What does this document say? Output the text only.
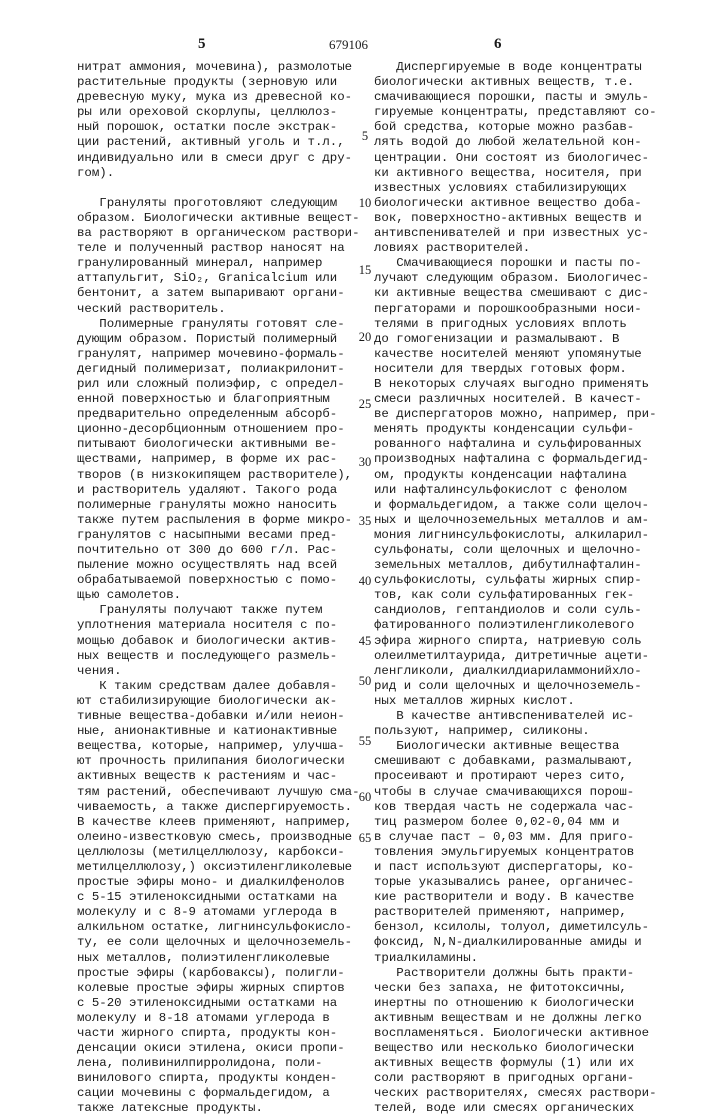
5	679106	6
нитрат аммония, мочевина), размолотые
растительные продукты (зерновую или
древесную муку, мука из древесной ко-
ры или ореховой скорлупы, целлюлоз-
ный порошок, остатки после экстрак-
ции растений, активный уголь и т.л.,
индивидуально или в смеси друг с дру-
гом).
Грануляты проготовляют следующим
образом. Биологически активные вещест-
ва растворяют в органическом раствори-
теле и полученный раствор наносят на
гранулированный минерал, например
аттапульгит, SiO₂, Granicalcium или
бентонит, а затем выпаривают органи-
ческий растворитель.
Полимерные грануляты готовят сле-
дующим образом. Пористый полимерный
гранулят, например мочевино-формаль-
дегидный полимеризат, полиакрилонит-
рил или сложный полиэфир, с определ-
енной поверхностью и благоприятным
предварительно определенным абсорб-
ционно-десорбционным отношением про-
питывают биологически активными ве-
ществами, например, в форме их рас-
творов (в низкокипящем растворителе),
и растворитель удаляют. Такого рода
полимерные грануляты можно наносить
также путем распыления в форме микро-
гранулятов с насыпными весами пред-
почтительно от 300 до 600 г/л. Рас-
пыление можно осуществлять над всей
обрабатываемой поверхностью с помо-
щью самолетов.
Грануляты получают также путем
уплотнения материала носителя с по-
мощью добавок и биологически актив-
ных веществ и последующего размель-
чения.
К таким средствам далее добавля-
ют стабилизирующие биологически ак-
тивные вещества-добавки и/или неион-
ные, анионактивные и катионактивные
вещества, которые, например, улучша-
ют прочность прилипания биологически
активных веществ к растениям и час-
тям растений, обеспечивают лучшую сма-
чиваемость, а также диспергируемость.
В качестве клеев применяют, например,
олеино-известковую смесь, производные
целлюлозы (метилцеллюлозу, карбокси-
метилцеллюлозу,) оксиэтиленгликолевые
простые эфиры моно- и диалкилфенолов
с 5-15 этиленоксидными остатками на
молекулу и с 8-9 атомами углерода в
алкильном остатке, лигнинсульфокисло-
ту, ее соли щелочных и щелочноземель-
ных металлов, полиэтиленгликолевые
простые эфиры (карбоваксы), полигли-
колевые простые эфиры жирных спиртов
с 5-20 этиленоксидными остатками на
молекулу и 8-18 атомами углерода в
части жирного спирта, продукты кон-
денсации окиси этилена, окиси пропи-
лена, поливинилпирролидона, поли-
винилового спирта, продукты конден-
сации мочевины с формальдегидом, а
также латексные продукты.
Диспергируемые в воде концентраты
биологически активных веществ, т.е.
смачивающиеся порошки, пасты и эмуль-
гируемые концентраты, представляют со-
бой средства, которые можно разбав-
лять водой до любой желательной кон-
центрации. Они состоят из биологичес-
ки активного вещества, носителя, при
известных условиях стабилизирующих
биологически активное вещество доба-
вок, поверхностно-активных веществ и
антивспенивателей и при известных ус-
ловиях растворителей.
Смачивающиеся порошки и пасты по-
лучают следующим образом. Биологичес-
ки активные вещества смешивают с дис-
пергаторами и порошкообразными носи-
телями в пригодных условиях вплоть
до гомогенизации и размалывают. В
качестве носителей меняют упомянутые
носители для твердых готовых форм.
В некоторых случаях выгодно применять
смеси различных носителей. В качест-
ве диспергаторов можно, например, при-
менять продукты конденсации сульфи-
рованного нафталина и сульфированных
производных нафталина с формальдегид-
ом, продукты конденсации нафталина
или нафталинсульфокислот с фенолом
и формальдегидом, а также соли щелоч-
ных и щелочноземельных металлов и ам-
мония лигнинсульфокислоты, алкиларил-
сульфонаты, соли щелочных и щелочно-
земельных металлов, дибутилнафталин-
сульфокислоты, сульфаты жирных спир-
тов, как соли сульфатированных гек-
сандиолов, гептандиолов и соли суль-
фатированного полиэтиленгликолевого
эфира жирного спирта, натриевую соль
олеилметилтаурида, дитретичные ацети-
ленгликоли, диалкилдиариламмонийхло-
рид и соли щелочных и щелочноземель-
ных металлов жирных кислот.
В качестве антивспенивателей ис-
пользуют, например, силиконы.
Биологически активные вещества
смешивают с добавками, размалывают,
просеивают и протирают через сито,
чтобы в случае смачивающихся порош-
ков твердая часть не содержала час-
тиц размером более 0,02-0,04 мм и
в случае паст – 0,03 мм. Для приго-
товления эмульгируемых концентратов
и паст используют диспергаторы, ко-
торые указывались ранее, органичес-
кие растворители и воду. В качестве
растворителей применяют, например,
бензол, ксилолы, толуол, диметилсуль-
фоксид, N,N-диалкилированные амиды и
триалкиламины.
Растворители должны быть практи-
чески без запаха, не фитотоксичны,
инертны по отношению к биологически
активным веществам и не должны легко
воспламеняться. Биологически активное
вещество или несколько биологически
активных веществ формулы (1) или их
соли растворяют в пригодных органи-
ческих растворителях, смесях раствори-
телей, воде или смесях органических
5
10
15
20
25
30
35
40
45
50
55
60
65
